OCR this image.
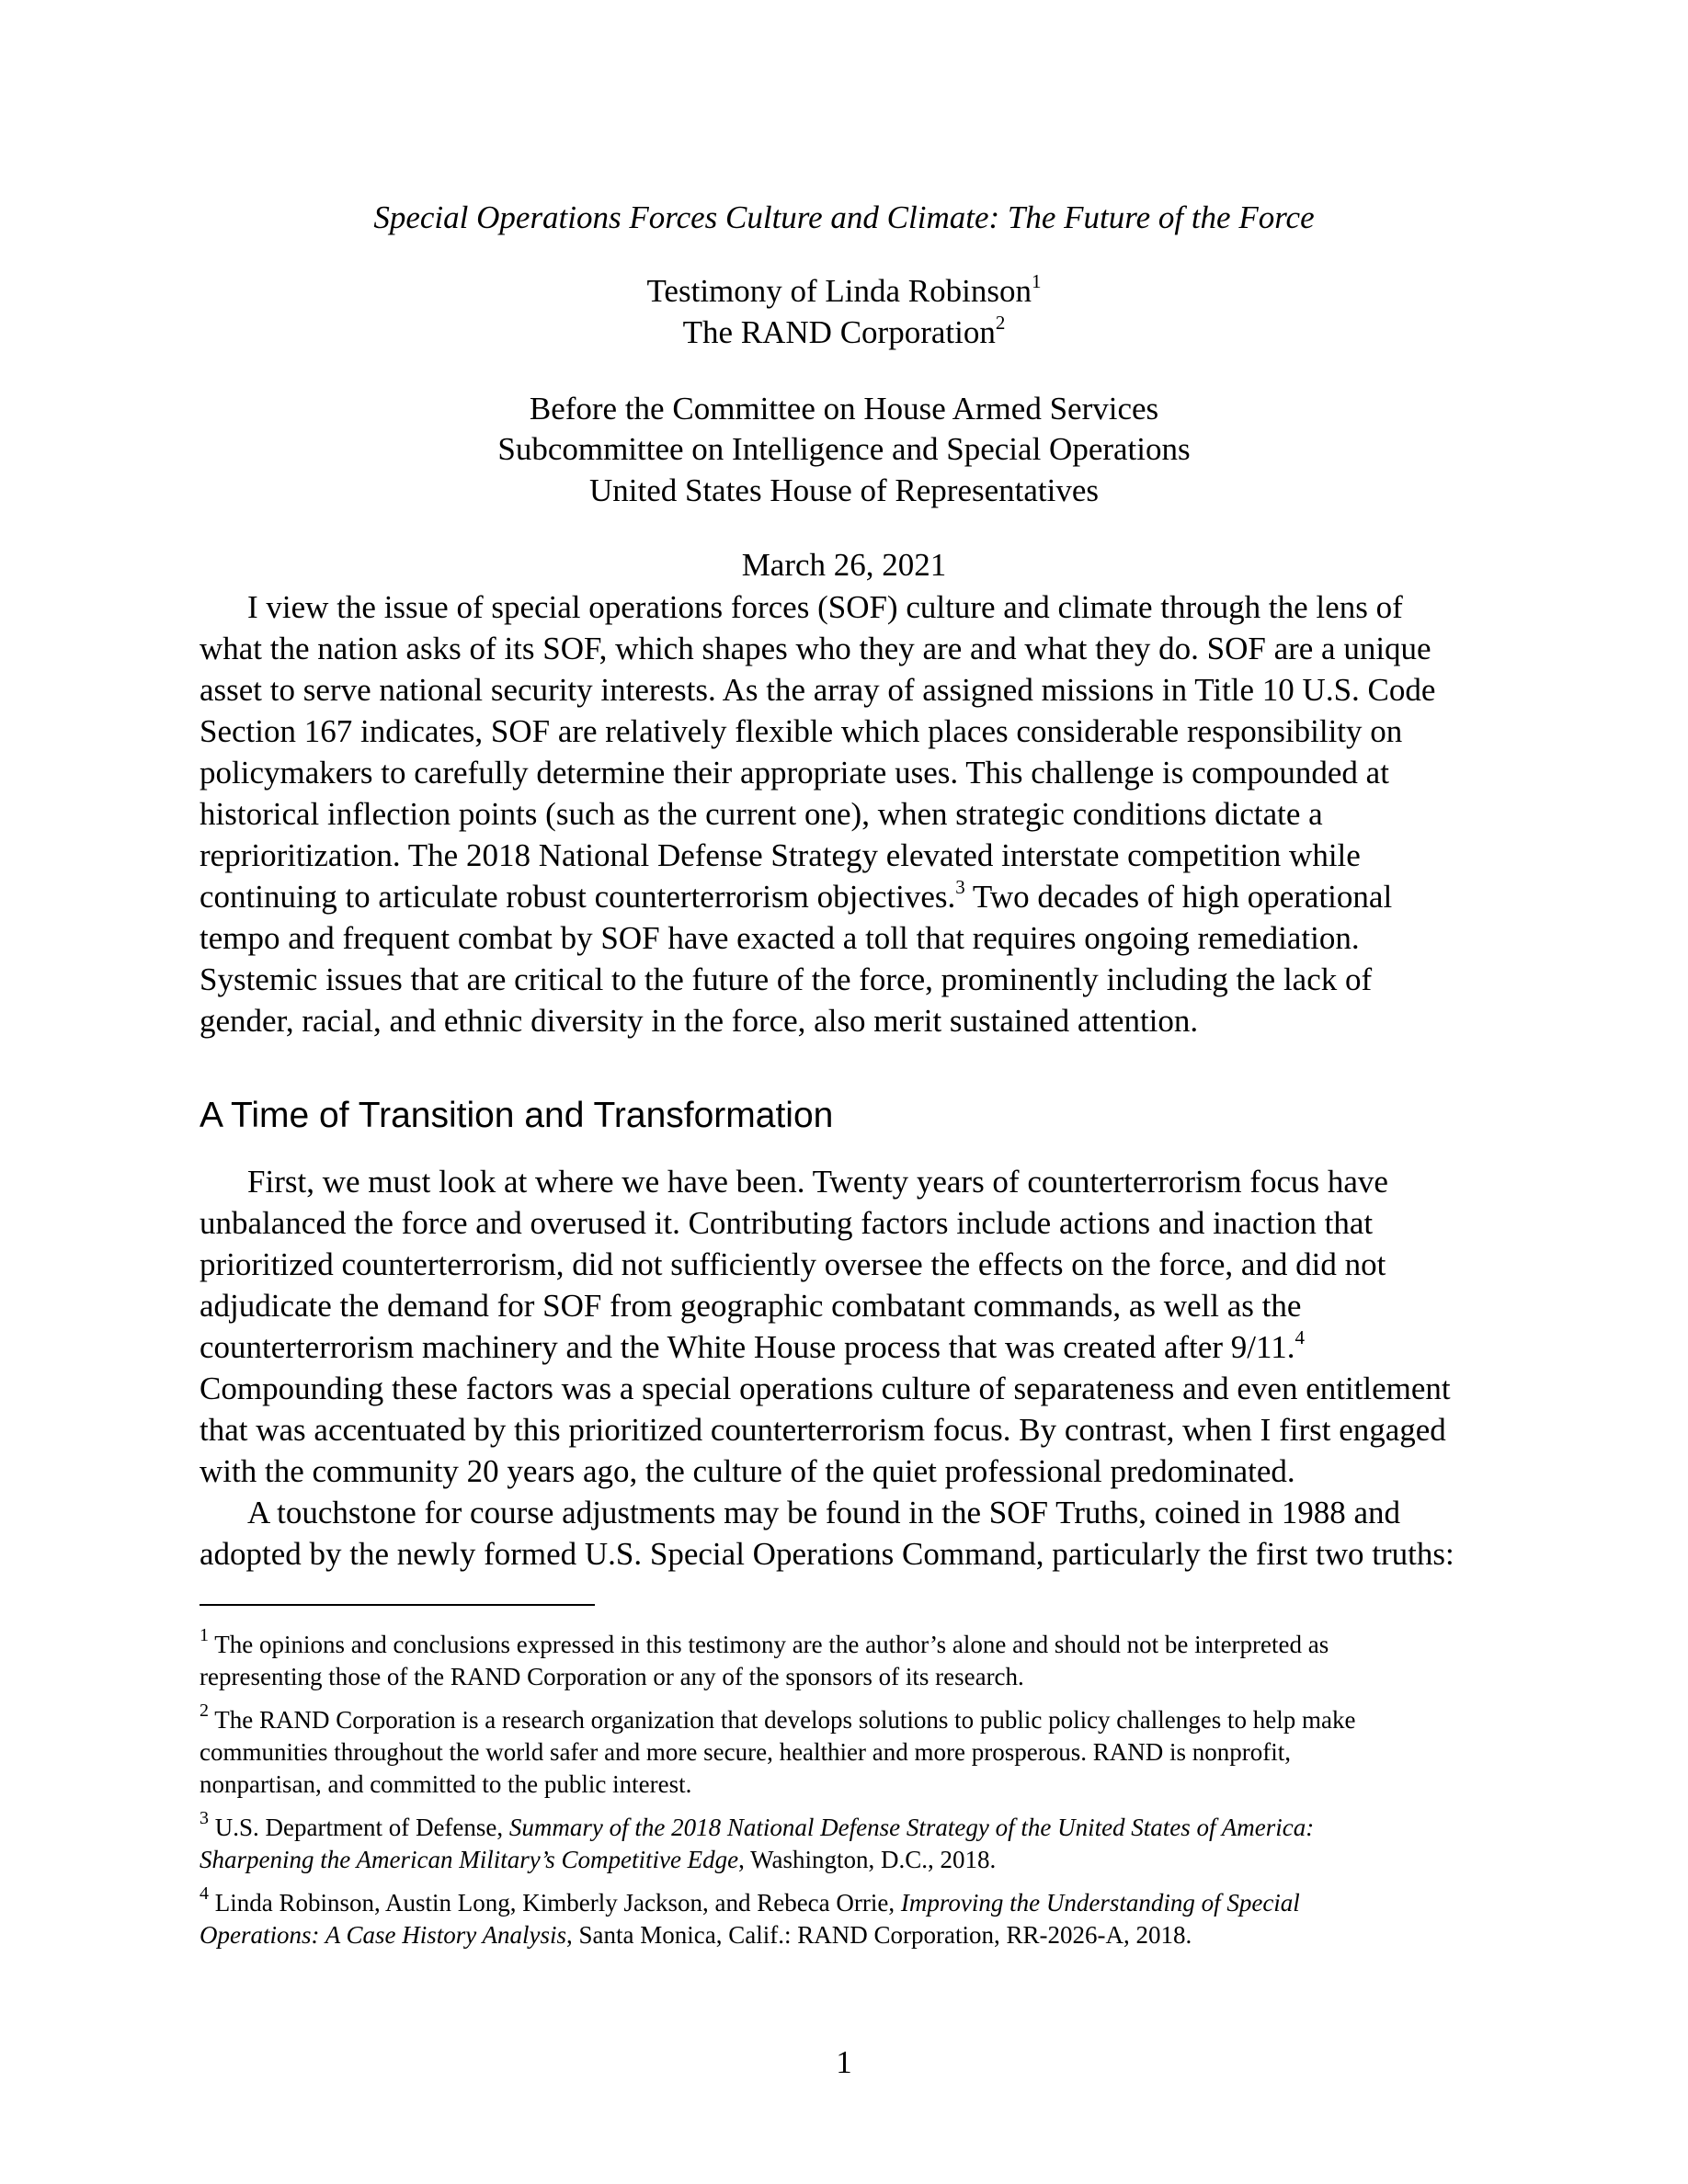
Special Operations Forces Culture and Climate: The Future of the Force
Testimony of Linda Robinson$^1$
The RAND Corporation$^2$
Before the Committee on House Armed Services
Subcommittee on Intelligence and Special Operations
United States House of Representatives
March 26, 2021
I view the issue of special operations forces (SOF) culture and climate through the lens of
what the nation asks of its SOF, which shapes who they are and what they do. SOF are a unique
asset to serve national security interests. As the array of assigned missions in Title 10 U.S. Code
Section 167 indicates, SOF are relatively flexible which places considerable responsibility on
policymakers to carefully determine their appropriate uses. This challenge is compounded at
historical inflection points (such as the current one), when strategic conditions dictate a
reprioritization. The 2018 National Defense Strategy elevated interstate competition while
continuing to articulate robust counterterrorism objectives.$^3$ Two decades of high operational
tempo and frequent combat by SOF have exacted a toll that requires ongoing remediation.
Systemic issues that are critical to the future of the force, prominently including the lack of
gender, racial, and ethnic diversity in the force, also merit sustained attention.
A Time of Transition and Transformation
First, we must look at where we have been. Twenty years of counterterrorism focus have
unbalanced the force and overused it. Contributing factors include actions and inaction that
prioritized counterterrorism, did not sufficiently oversee the effects on the force, and did not
adjudicate the demand for SOF from geographic combatant commands, as well as the
counterterrorism machinery and the White House process that was created after 9/11.$^4$
Compounding these factors was a special operations culture of separateness and even entitlement
that was accentuated by this prioritized counterterrorism focus. By contrast, when I first engaged
with the community 20 years ago, the culture of the quiet professional predominated.
A touchstone for course adjustments may be found in the SOF Truths, coined in 1988 and
adopted by the newly formed U.S. Special Operations Command, particularly the first two truths:
$^1$ The opinions and conclusions expressed in this testimony are the author’s alone and should not be interpreted as
representing those of the RAND Corporation or any of the sponsors of its research.
$^2$ The RAND Corporation is a research organization that develops solutions to public policy challenges to help make
communities throughout the world safer and more secure, healthier and more prosperous. RAND is nonprofit,
nonpartisan, and committed to the public interest.
$^3$ U.S. Department of Defense, Summary of the 2018 National Defense Strategy of the United States of America:
Sharpening the American Military’s Competitive Edge, Washington, D.C., 2018.
$^4$ Linda Robinson, Austin Long, Kimberly Jackson, and Rebeca Orrie, Improving the Understanding of Special
Operations: A Case History Analysis, Santa Monica, Calif.: RAND Corporation, RR-2026-A, 2018.
1
